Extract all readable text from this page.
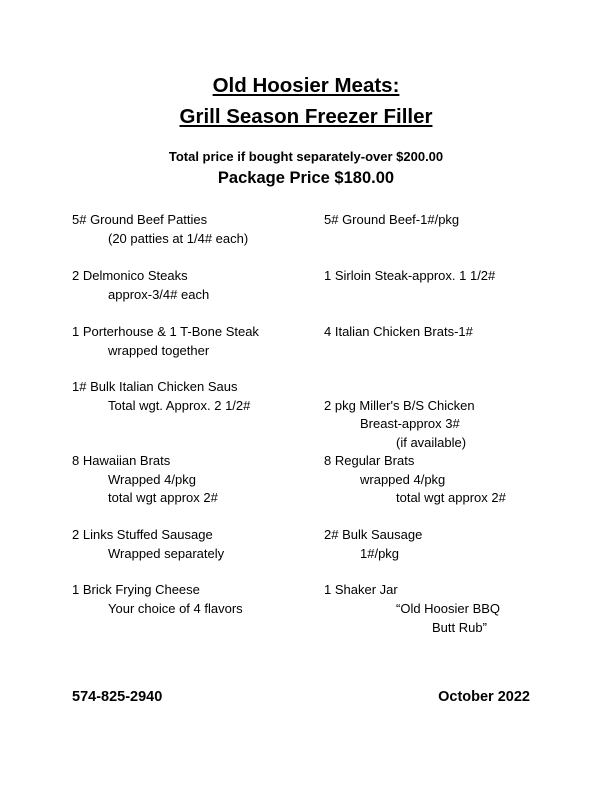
Old Hoosier Meats:
Grill Season Freezer Filler
Total price if bought separately-over $200.00
Package Price $180.00
5# Ground Beef Patties
(20 patties at 1/4# each)
2 Delmonico Steaks
approx-3/4# each
1 Porterhouse & 1 T-Bone Steak
wrapped together
1# Bulk Italian Chicken Saus
Total wgt. Approx. 2 1/2#
8 Hawaiian Brats
Wrapped 4/pkg
total wgt approx 2#
2 Links Stuffed Sausage
Wrapped separately
1 Brick Frying Cheese
Your choice of 4 flavors
5# Ground Beef-1#/pkg
1 Sirloin Steak-approx. 1 1/2#
4 Italian Chicken Brats-1#
2 pkg Miller's B/S Chicken
Breast-approx 3#
(if available)
8 Regular Brats
wrapped 4/pkg
total wgt approx 2#
2# Bulk Sausage
1#/pkg
1 Shaker Jar
“Old Hoosier BBQ
Butt Rub”
574-825-2940	October 2022
